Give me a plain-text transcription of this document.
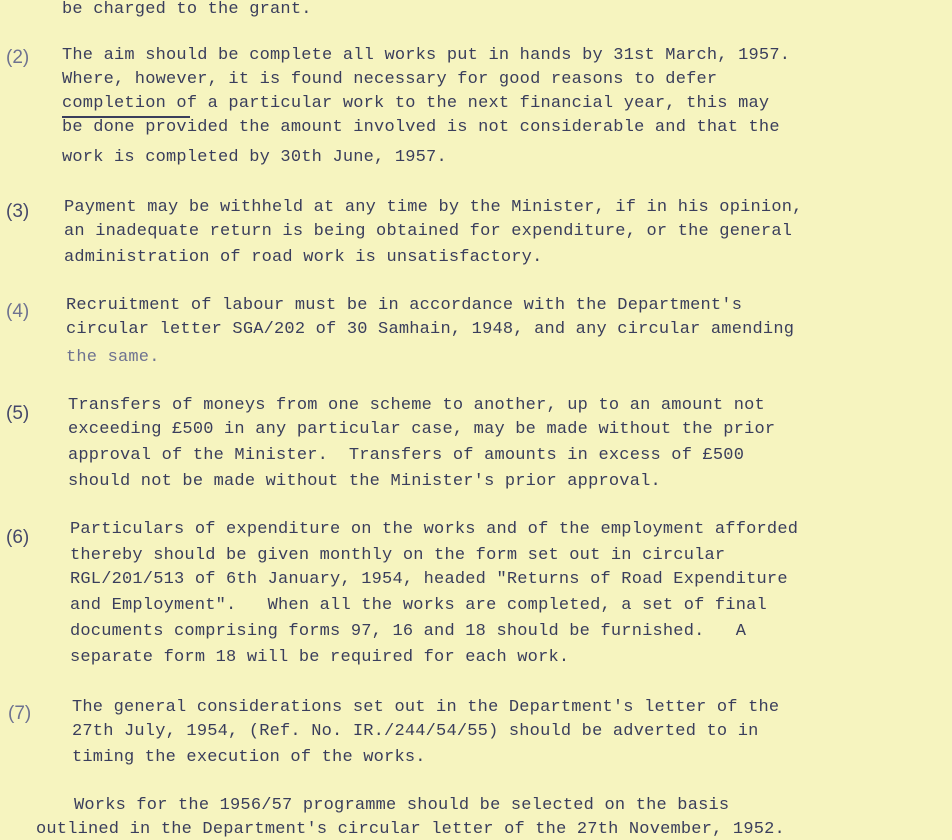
be charged to the grant.
(2) The aim should be complete all works put in hands by 31st March, 1957.
Where, however, it is found necessary for good reasons to defer
completion of a particular work to the next financial year, this may
be done provided the amount involved is not considerable and that the
work is completed by 30th June, 1957.
(3) Payment may be withheld at any time by the Minister, if in his opinion,
an inadequate return is being obtained for expenditure, or the general
administration of road work is unsatisfactory.
(4) Recruitment of labour must be in accordance with the Department's
circular letter SGA/202 of 30 Samhain, 1948, and any circular amending
the same.
(5) Transfers of moneys from one scheme to another, up to an amount not
exceeding £500 in any particular case, may be made without the prior
approval of the Minister.  Transfers of amounts in excess of £500
should not be made without the Minister's prior approval.
(6) Particulars of expenditure on the works and of the employment afforded
thereby should be given monthly on the form set out in circular
RGL/201/513 of 6th January, 1954, headed "Returns of Road Expenditure
and Employment".   When all the works are completed, a set of final
documents comprising forms 97, 16 and 18 should be furnished.   A
separate form 18 will be required for each work.
(7) The general considerations set out in the Department's letter of the
27th July, 1954, (Ref. No. IR./244/54/55) should be adverted to in
timing the execution of the works.
Works for the 1956/57 programme should be selected on the basis
outlined in the Department's circular letter of the 27th November, 1952.
